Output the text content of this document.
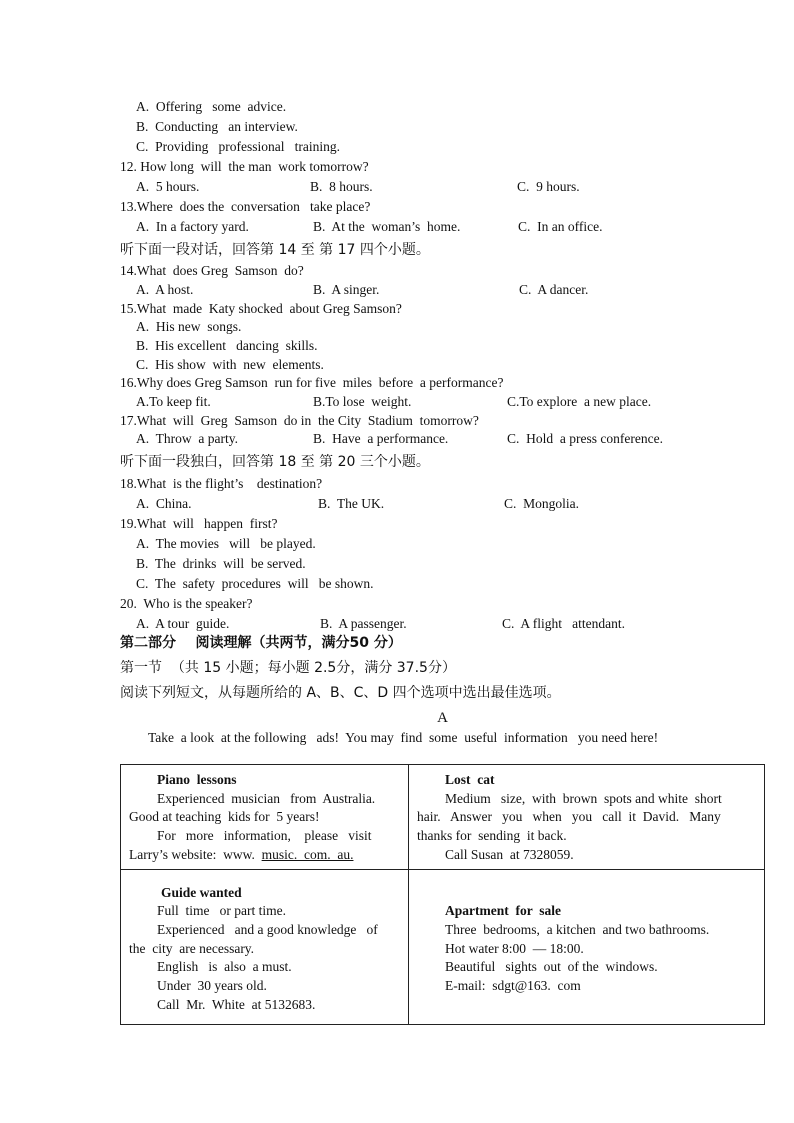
A.  Offering   some  advice.
B.  Conducting   an interview.
C.  Providing   professional   training.
12. How long  will  the man  work tomorrow?
A.  5 hours.	B.  8 hours.	C.  9 hours.
13.Where  does the  conversation   take place?
A.  In a factory yard.	B.  At the  woman’s  home.	C.  In an office.
听下面一段对话，回答第 14 至 第 17 四个小题。
14.What  does Greg  Samson  do?
A.  A host.	B.  A singer.	C.  A dancer.
15.What  made  Katy shocked  about Greg Samson?
A.  His new  songs.
B.  His excellent   dancing  skills.
C.  His show  with  new  elements.
16.Why does Greg Samson  run for five  miles  before  a performance?
A.To keep fit.	B.To lose  weight.	C.To explore  a new place.
17.What  will  Greg  Samson  do in  the City  Stadium  tomorrow?
A.  Throw  a party.	B.  Have  a performance.	C.  Hold  a press conference.
听下面一段独白，回答第 18 至 第 20 三个小题。
18.What  is the flight’s    destination?
A.  China.	B.  The UK.	C.  Mongolia.
19.What  will   happen  first?
A.  The movies   will   be played.
B.  The  drinks  will  be served.
C.  The  safety  procedures  will   be shown.
20.  Who is the speaker?
A.  A tour  guide.	B.  A passenger.	C.  A flight   attendant.
第二部分    阅读理解（共两节，满分50 分）
第一节  （共 15 小题；每小题 2.5分，满分 37.5分）
阅读下列短文，从每题所给的 A、B、C、D 四个选项中选出最佳选项。
A
Take  a look  at the following   ads!  You may  find  some  useful  information   you need here!
Piano  lessons
Experienced  musician   from  Australia.
Good at teaching  kids for  5 years!
For   more   information,    please   visit
Larry’s website:  www.  music.  com.  au.
Lost  cat
Medium   size,  with  brown  spots and white  short
hair.   Answer   you   when   you   call  it  David.   Many
thanks for  sending  it back.
Call Susan  at 7328059.
Guide wanted
Full  time   or part time.
Experienced   and a good knowledge   of
the  city  are necessary.
English   is  also  a must.
Under  30 years old.
Call  Mr.  White  at 5132683.
Apartment  for  sale
Three  bedrooms,  a kitchen  and two bathrooms.
Hot water 8:00  — 18:00.
Beautiful   sights  out  of the  windows.
E-mail:  sdgt@163.  com
